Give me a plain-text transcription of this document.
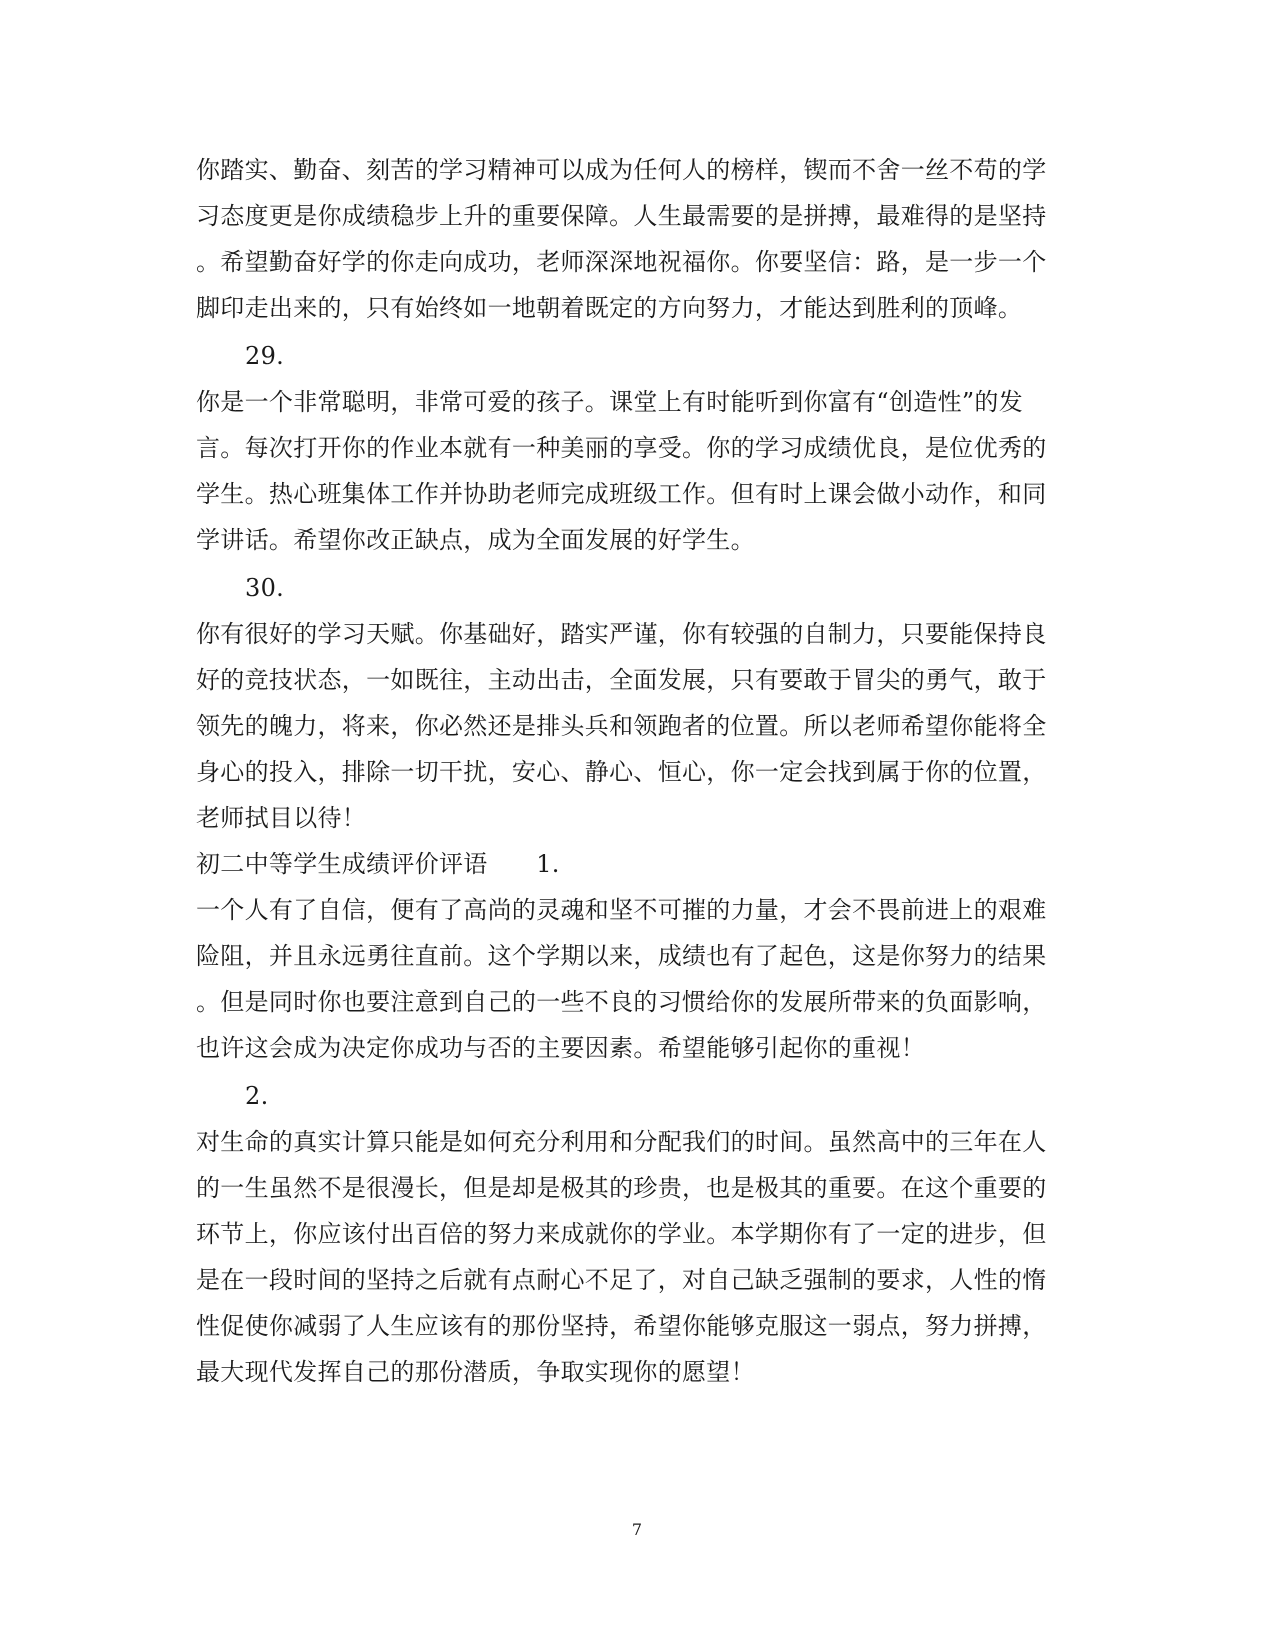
你踏实、勤奋、刻苦的学习精神可以成为任何人的榜样，锲而不舍一丝不苟的学
习态度更是你成绩稳步上升的重要保障。人生最需要的是拼搏，最难得的是坚持
。希望勤奋好学的你走向成功，老师深深地祝福你。你要坚信：路，是一步一个
脚印走出来的，只有始终如一地朝着既定的方向努力，才能达到胜利的顶峰。
29.
你是一个非常聪明，非常可爱的孩子。课堂上有时能听到你富有“创造性”的发
言。每次打开你的作业本就有一种美丽的享受。你的学习成绩优良，是位优秀的
学生。热心班集体工作并协助老师完成班级工作。但有时上课会做小动作，和同
学讲话。希望你改正缺点，成为全面发展的好学生。
30.
你有很好的学习天赋。你基础好，踏实严谨，你有较强的自制力，只要能保持良
好的竞技状态，一如既往，主动出击，全面发展，只有要敢于冒尖的勇气，敢于
领先的魄力，将来，你必然还是排头兵和领跑者的位置。所以老师希望你能将全
身心的投入，排除一切干扰，安心、静心、恒心，你一定会找到属于你的位置，
老师拭目以待！
初二中等学生成绩评价评语　　1.
一个人有了自信，便有了高尚的灵魂和坚不可摧的力量，才会不畏前进上的艰难
险阻，并且永远勇往直前。这个学期以来，成绩也有了起色，这是你努力的结果
。但是同时你也要注意到自己的一些不良的习惯给你的发展所带来的负面影响，
也许这会成为决定你成功与否的主要因素。希望能够引起你的重视！
2.
对生命的真实计算只能是如何充分利用和分配我们的时间。虽然高中的三年在人
的一生虽然不是很漫长，但是却是极其的珍贵，也是极其的重要。在这个重要的
环节上，你应该付出百倍的努力来成就你的学业。本学期你有了一定的进步，但
是在一段时间的坚持之后就有点耐心不足了，对自己缺乏强制的要求，人性的惰
性促使你减弱了人生应该有的那份坚持，希望你能够克服这一弱点，努力拼搏，
最大现代发挥自己的那份潜质，争取实现你的愿望！
7
